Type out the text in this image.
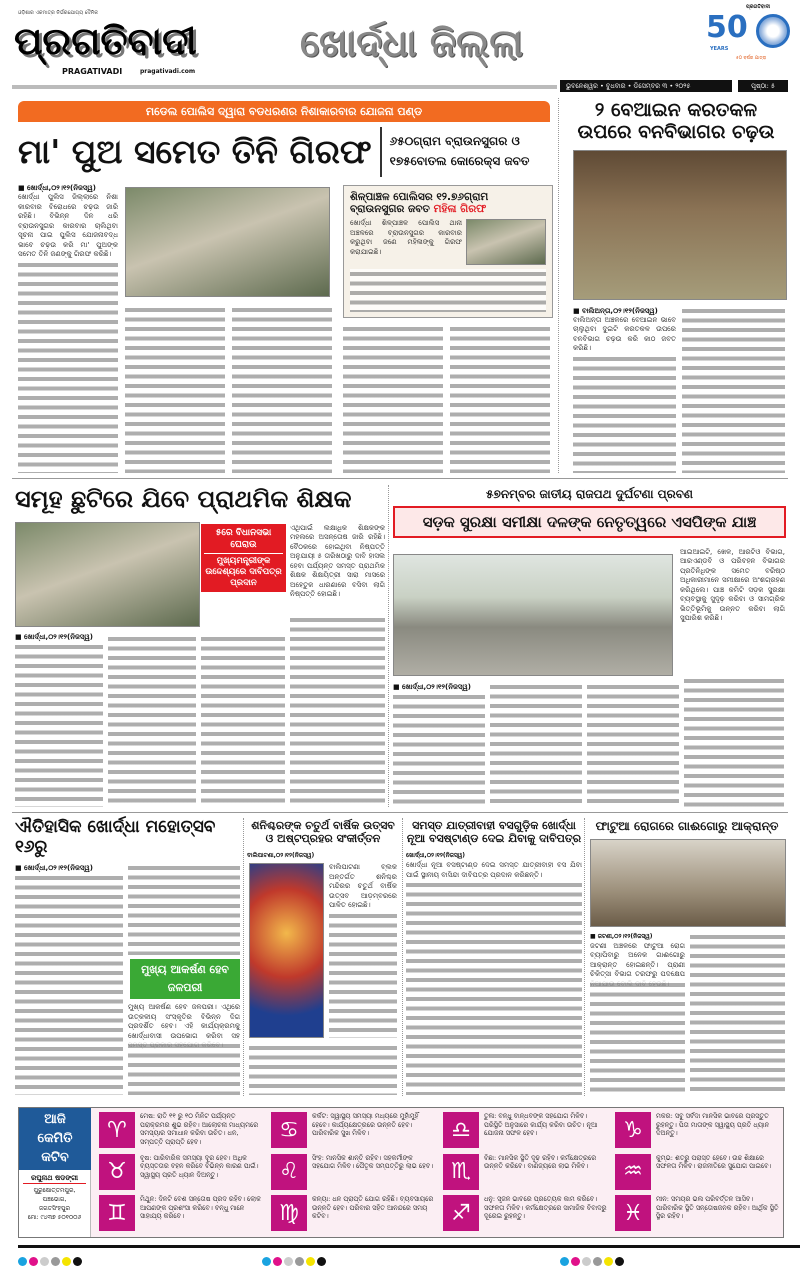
ଓଡ଼ିଶାର ଏକମାତ୍ର ନିର୍ଭରଯୋଗ୍ୟ ଦୈନିକ
ପ୍ରଗତିବାଦୀ
PRAGATIVADI	pragativadi.com
ଖୋର୍ଦ୍ଧା ଜିଲ୍ଲା
ପ୍ରଗତିବାଦୀ
50
YEARS
୫୦ ବର୍ଷର ଯାତ୍ରା
ଭୁବନେଶ୍ୱର • ବୁଧବାର • ଡିସେମ୍ବର ୩ • ୨୦୨୫	ପୃଷ୍ଠା: ୫
ମଡେଲ ପୋଲିସ ଦ୍ୱାରା ବଡଧରଣର ନିଶାକାରବାର ଯୋଜନା ପଣ୍ଡ
ମା' ପୁଅ ସମେତ ତିନି ଗିରଫ ୬୫୦ଗ୍ରାମ ବ୍ରାଉନସୁଗର ଓ
୧୭୫ବୋତଲ କୋରେକ୍ସ ଜବତ
■ ଖୋର୍ଦ୍ଧା,୦୨।୧୨(ନିଜସ୍ୱ)
ଖୋର୍ଦ୍ଧା ପୁଲିସ ଜିଲ୍ଲାରେ ନିଶା କାରବାର ବିରୋଧରେ ଚଢ଼ଉ ଜାରି ରହିଛି। ବିଭିନ୍ନ ଦିନ ଧରି ବ୍ରାଉନସୁଗର କାରବାର ଚାଲିଥିବା ସୂଚନା ପାଇ ପୁଲିସ ଯୋଜନାବଦ୍ଧ ଭାବେ ଚଢ଼ଉ କରି ମା' ପୁଅଙ୍କ ସମେତ ତିନି ଜଣଙ୍କୁ ଗିରଫ କରିଛି।
ଶିଳ୍ପାଞ୍ଚଳ ପୋଲିସର ୧୨.୭୬ଗ୍ରାମ ବ୍ରାଉନସୁଗର ଜବତ ମହିଳା ଗିରଫ
ଖୋର୍ଦ୍ଧା ଶିଳ୍ପାଞ୍ଚଳ ପୋଲିସ ଥାନା ଅଞ୍ଚଳରେ ବ୍ରାଉନସୁଗର କାରବାର କରୁଥିବା ଜଣେ ମହିଳାଙ୍କୁ ଗିରଫ କରାଯାଇଛି।
୨ ବେଆଇନ କରତକଳ
ଉପରେ ବନବିଭାଗର ଚଢ଼ଉ
■ ବାଲିଅନ୍ତା,୦୨।୧୨(ନିଜସ୍ୱ)
ବାଲିଅନ୍ତା ଅଞ୍ଚଳରେ ବେଆଇନ ଭାବେ ଚାଲୁଥିବା ଦୁଇଟି କରତକଳ ଉପରେ ବନବିଭାଗ ଚଢ଼ଉ କରି କାଠ ଜବତ କରିଛି।
ସମୂହ ଛୁଟିରେ ଯିବେ ପ୍ରାଥମିକ ଶିକ୍ଷକ
୫ରେ ବିଧାନସଭା ଘେରାଉ
ମୁଖ୍ୟମନ୍ତ୍ରୀଙ୍କ ଉଦ୍ଦେଶ୍ୟରେ ଦାବିପତ୍ର ପ୍ରଦାନ
ଏଥିପାଇଁ ଲକ୍ଷାଧିକ ଶିକ୍ଷକଙ୍କ ମହଲରେ ଅସନ୍ତୋଷ ଜାରି ରହିଛି। ବୈଠକରେ ହୋଇଥିବା ନିଷ୍ପତ୍ତି ଅନୁଯାୟୀ ୫ ତାରିଖଠାରୁ ଦାବି ହାସଲ ହେବା ପର୍ଯ୍ୟନ୍ତ ସମସ୍ତ ପ୍ରାଥମିକ ଶିକ୍ଷକ ଶିକ୍ଷୟିତ୍ରୀ ସାରା ମାସରେ ଅହେତୁକ ଧାରଣାରେ ବସିବା ଲାଗି ନିଷ୍ପତ୍ତି ହୋଇଛି।
■ ଖୋର୍ଦ୍ଧା,୦୨।୧୨(ନିଜସ୍ୱ)
୫୭ନମ୍ବର ଜାତୀୟ ରାଜପଥ ଦୁର୍ଘଟଣା ପ୍ରବଣ
ସଡ଼କ ସୁରକ୍ଷା ସମୀକ୍ଷା ଦଳଙ୍କ ନେତୃତ୍ୱରେ ଏସପିଙ୍କ ଯାଞ୍ଚ
ଆଇଆଇଟି, ଖେଳ, ଆରଟିଓ ବିଭାଗ, ଆରଏଣ୍ଡବି ଓ ପରିବହନ ବିଭାଗର ପ୍ରତିନିଧିଙ୍କ ସମେତ ବରିଷ୍ଠ ଅଧିକାରୀମାନେ ସମୀକ୍ଷାରେ ଅଂଶଗ୍ରହଣ କରିଥିଲେ। ପାଞ୍ଚ କମିଟି ସଡ଼କ ସୁରକ୍ଷା ବ୍ୟବସ୍ଥାକୁ ସୁଦୃଢ଼ କରିବା ଓ ସାମଗ୍ରିକ ଭିତ୍ତିଭୂମିକୁ ଉନ୍ନତ କରିବା ଲାଗି ସୁପାରିଶ କରିଛି।
■ ଖୋର୍ଦ୍ଧା,୦୨।୧୨(ନିଜସ୍ୱ)
ଐତିହାସିକ ଖୋର୍ଦ୍ଧା ମହୋତ୍ସବ ୧୬ରୁ
■ ଖୋର୍ଦ୍ଧା,୦୨।୧୨(ନିଜସ୍ୱ)
ମୁଖ୍ୟ ଆକର୍ଷଣ ହେବ ଜଳପରୀ
ମୁଖ୍ୟ ଆକର୍ଷଣ ହେବ ଜଳପରୀ। ଏଥିରେ ଉତ୍କଳୀୟ ସଂସ୍କୃତିର ବିଭିନ୍ନ ଦିଗ ପ୍ରଦର୍ଶିତ ହେବ। ଏହି କାର୍ଯ୍ୟକ୍ରମକୁ ଖୋର୍ଦ୍ଧାବାସୀ ଉପଭୋଗ କରିବା ସହ
ଶନିଶ୍ଚରଙ୍କ ଚତୁର୍ଥ ବାର୍ଷିକ ଉତ୍ସବ
ଓ ଅଷ୍ଟପ୍ରହର ସଂକୀର୍ତ୍ତନ
ବାଲିପାଟଣା,୦୨।୧୨(ନିଜସ୍ୱ)
ବାଲିପାଟଣା ବ୍ଲକ ଅନ୍ତର୍ଗତ ଶନିଶ୍ଚର ମନ୍ଦିରର ଚତୁର୍ଥ ବାର୍ଷିକ ଉତ୍ସବ ଆଡ଼ମ୍ବରରେ ପାଳିତ ହୋଇଛି।
ସମସ୍ତ ଯାତ୍ରୀବାହୀ ବସଗୁଡ଼ିକ ଖୋର୍ଦ୍ଧା
ନୂଆ ବସଷ୍ଟାଣ୍ଡ ଦେଇ ଯିବାକୁ ଦାବିପତ୍ର
ଖୋର୍ଦ୍ଧା,୦୨।୧୨(ନିଜସ୍ୱ)
ଖୋର୍ଦ୍ଧା ନୂଆ ବସଷ୍ଟାଣ୍ଡ ଦେଇ ସମସ୍ତ ଯାତ୍ରୀବାହୀ ବସ ଯିବା ପାଇଁ ସ୍ଥାନୀୟ ବାସିନ୍ଦା ଦାବିପତ୍ର ପ୍ରଦାନ କରିଛନ୍ତି।
ଫାଟୁଆ ରୋଗରେ ଗାଈଗୋରୁ ଆକ୍ରାନ୍ତ
■ ଜଟଣୀ,୦୨।୧୨(ନିଜସ୍ୱ)
ଜଟଣୀ ଅଞ୍ଚଳରେ ଫାଟୁଆ ରୋଗ ବ୍ୟାପିବାରୁ ଅନେକ ଗାଈଗୋରୁ ଆକ୍ରାନ୍ତ ହୋଇଛନ୍ତି। ପ୍ରାଣୀ ଚିକିତ୍ସା ବିଭାଗ ତରଫରୁ ପଦକ୍ଷେପ
ଆଜି
କେମିତି
କଟିବ
ରଘୁନାଥ ଷଡଙ୍ଗୀ
ପୁରୁଷୋତ୍ତମପୁର,
ପଞ୍ଚଭୋଗ,
ଜଗତସିଂହପୁର
ମୋ: ୯୪୩୭ ୫୦୧୦୦୬
♈
ମେଷ: ରାତି ୧୧ ରୁ ୧୦ ମିନିଟ ପର୍ଯ୍ୟନ୍ତ ପରାକ୍ରମର ଶୁଭ ରହିବ। ଆଲୋଚନା ମାଧ୍ୟମରେ ସମସ୍ୟାର ସମାଧାନ କରିବା ଉଚିତ। ଧନ, ସମ୍ପତ୍ତି ପ୍ରାପ୍ତି ହେବ।
♉
ବୃଷ: ପାରିବାରିକ ସମସ୍ୟା ଦୂର ହେବ। ଅଧିକ ବ୍ୟସ୍ତତାର ବହନ କରିବେ ବିଭିନ୍ନ କାରଣ ପାଇଁ। ସ୍ୱାସ୍ଥ୍ୟ ପ୍ରତି ଧ୍ୟାନ ଦିଅନ୍ତୁ।
♊
ମିଥୁନ: ଦିନଟି ବେଶ ସନ୍ତୋଷ ପ୍ରଦ ରହିବ। ଲୋକ ଆପଣଙ୍କ ପ୍ରଶଂସା କରିବେ। ବନ୍ଧୁ ମାନେ ସାହାଯ୍ୟ କରିବେ।
♋
କର୍କଟ: ସ୍ୱାସ୍ଥ୍ୟ ସମସ୍ୟା ମଧ୍ୟରେ ମୁହାଁମୁହିଁ ହେବେ। କାର୍ଯ୍ୟକ୍ଷେତ୍ରରେ ଉନ୍ନତି ହେବ। ପାରିବାରିକ ସୁଖ ମିଳିବ।
♌
ସିଂହ: ମାନସିକ ଶାନ୍ତି ରହିବ। ସହକର୍ମୀଙ୍କ ସହଯୋଗ ମିଳିବ। ପୈତୃକ ସମ୍ପତ୍ତିରୁ ଲାଭ ହେବ।
♍
କନ୍ୟା: ଧନ ପ୍ରାପ୍ତି ଯୋଗ ରହିଛି। ବ୍ୟବସାୟରେ ଉନ୍ନତି ହେବ। ପରିବାର ସହିତ ଆନନ୍ଦରେ ସମୟ କଟିବ।
♎
ତୁଳା: ବନ୍ଧୁ ବାନ୍ଧବଙ୍କ ସହଯୋଗ ମିଳିବ। ପରିସ୍ଥିତି ଅନୁସାରେ କାର୍ଯ୍ୟ କରିବା ଉଚିତ। ନୂଆ ଯୋଜନା ସଫଳ ହେବ।
♏
ବିଛା: ମାନସିକ ସ୍ଥିତି ଦୃଢ଼ ରହିବ। କର୍ମକ୍ଷେତ୍ରରେ ଉନ୍ନତି କରିବେ। ବାଣିଜ୍ୟରେ ଲାଭ ମିଳିବ।
♐
ଧନୁ: ସୃଜନ ଭାବରେ ପ୍ରତ୍ୟେକ କାମ କରିବେ। ସଫଳତା ମିଳିବ। କର୍ମକ୍ଷେତ୍ରରେ ସାମାଜିକ ବିବାଦରୁ ଦୂରେଇ ରୁହନ୍ତୁ।
♑
ମକର: ସବୁ ସର୍ବଦା ମାନସିକ ଭାବରେ ପ୍ରସ୍ତୁତ ରୁହନ୍ତୁ। ପିତା ମାତାଙ୍କ ସ୍ୱାସ୍ଥ୍ୟ ପ୍ରତି ଧ୍ୟାନ ଦିଅନ୍ତୁ।
♒
କୁମ୍ଭ: ଶତ୍ରୁ ପରାସ୍ତ ହେବେ। ଉଚ୍ଚ ଶିକ୍ଷାରେ ସଫଳତା ମିଳିବ। ରାଜନୀତିରେ ସୁଯୋଗ ପାଇବେ।
♓
ମୀନ: ସମୟର ଭଲ ପରିବର୍ତ୍ତନ ଆସିବ। ପାରିବାରିକ ସ୍ଥିତି ସନ୍ତୋଷଜନକ ରହିବ। ଆର୍ଥିକ ସ୍ଥିତି ସ୍ଥିର ରହିବ।
